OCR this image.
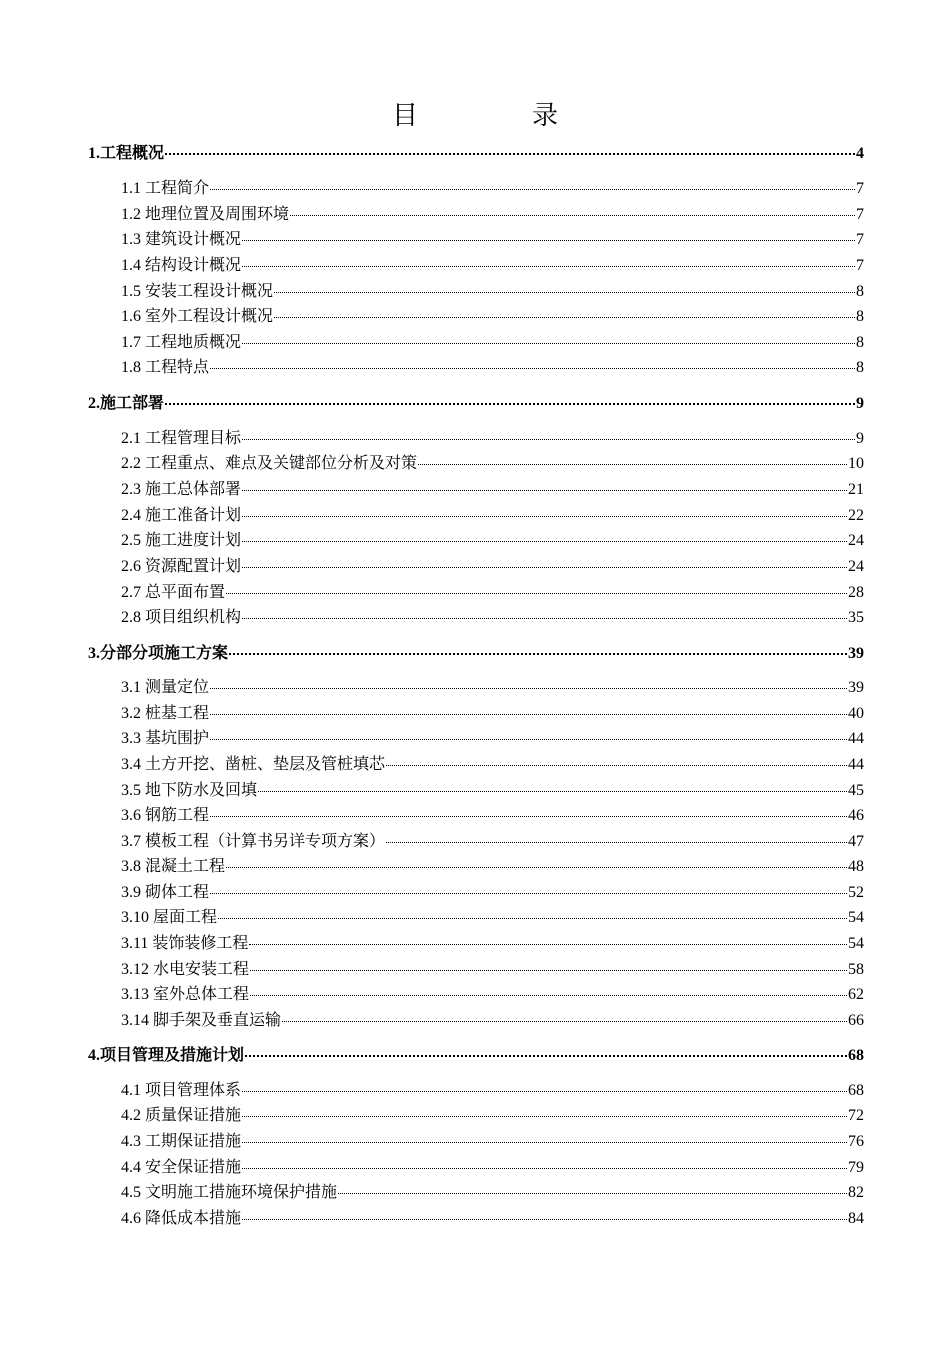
目　录
1.工程概况	4
1.1 工程简介	7
1.2 地理位置及周围环境	7
1.3 建筑设计概况	7
1.4 结构设计概况	7
1.5 安装工程设计概况	8
1.6 室外工程设计概况	8
1.7 工程地质概况	8
1.8 工程特点	8
2.施工部署	9
2.1 工程管理目标	9
2.2 工程重点、难点及关键部位分析及对策	10
2.3 施工总体部署	21
2.4 施工准备计划	22
2.5 施工进度计划	24
2.6 资源配置计划	24
2.7 总平面布置	28
2.8 项目组织机构	35
3.分部分项施工方案	39
3.1 测量定位	39
3.2 桩基工程	40
3.3 基坑围护	44
3.4 土方开挖、凿桩、垫层及管桩填芯	44
3.5 地下防水及回填	45
3.6 钢筋工程	46
3.7 模板工程（计算书另详专项方案）	47
3.8 混凝土工程	48
3.9 砌体工程	52
3.10 屋面工程	54
3.11 装饰装修工程	54
3.12 水电安装工程	58
3.13 室外总体工程	62
3.14 脚手架及垂直运输	66
4.项目管理及措施计划	68
4.1 项目管理体系	68
4.2 质量保证措施	72
4.3 工期保证措施	76
4.4 安全保证措施	79
4.5 文明施工措施环境保护措施	82
4.6 降低成本措施	84
